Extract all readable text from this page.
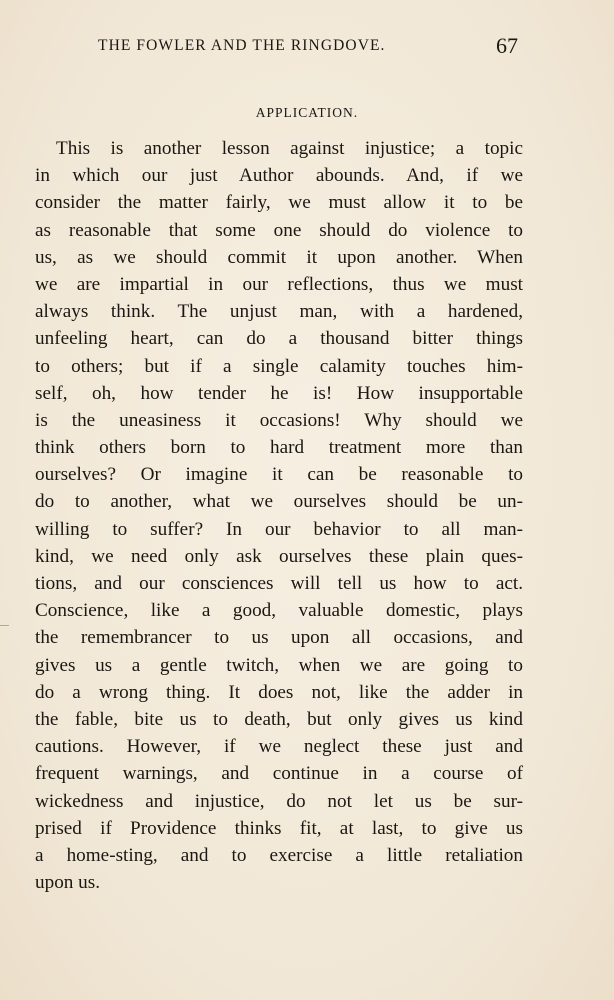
THE FOWLER AND THE RINGDOVE.	67
APPLICATION.
This is another lesson against injustice; a topic
in which our just Author abounds. And, if we
consider the matter fairly, we must allow it to be
as reasonable that some one should do violence to
us, as we should commit it upon another. When
we are impartial in our reflections, thus we must
always think. The unjust man, with a hardened,
unfeeling heart, can do a thousand bitter things
to others; but if a single calamity touches him-
self, oh, how tender he is! How insupportable
is the uneasiness it occasions! Why should we
think others born to hard treatment more than
ourselves? Or imagine it can be reasonable to
do to another, what we ourselves should be un-
willing to suffer? In our behavior to all man-
kind, we need only ask ourselves these plain ques-
tions, and our consciences will tell us how to act.
Conscience, like a good, valuable domestic, plays
the remembrancer to us upon all occasions, and
gives us a gentle twitch, when we are going to
do a wrong thing. It does not, like the adder in
the fable, bite us to death, but only gives us kind
cautions. However, if we neglect these just and
frequent warnings, and continue in a course of
wickedness and injustice, do not let us be sur-
prised if Providence thinks fit, at last, to give us
a home-sting, and to exercise a little retaliation
upon us.
